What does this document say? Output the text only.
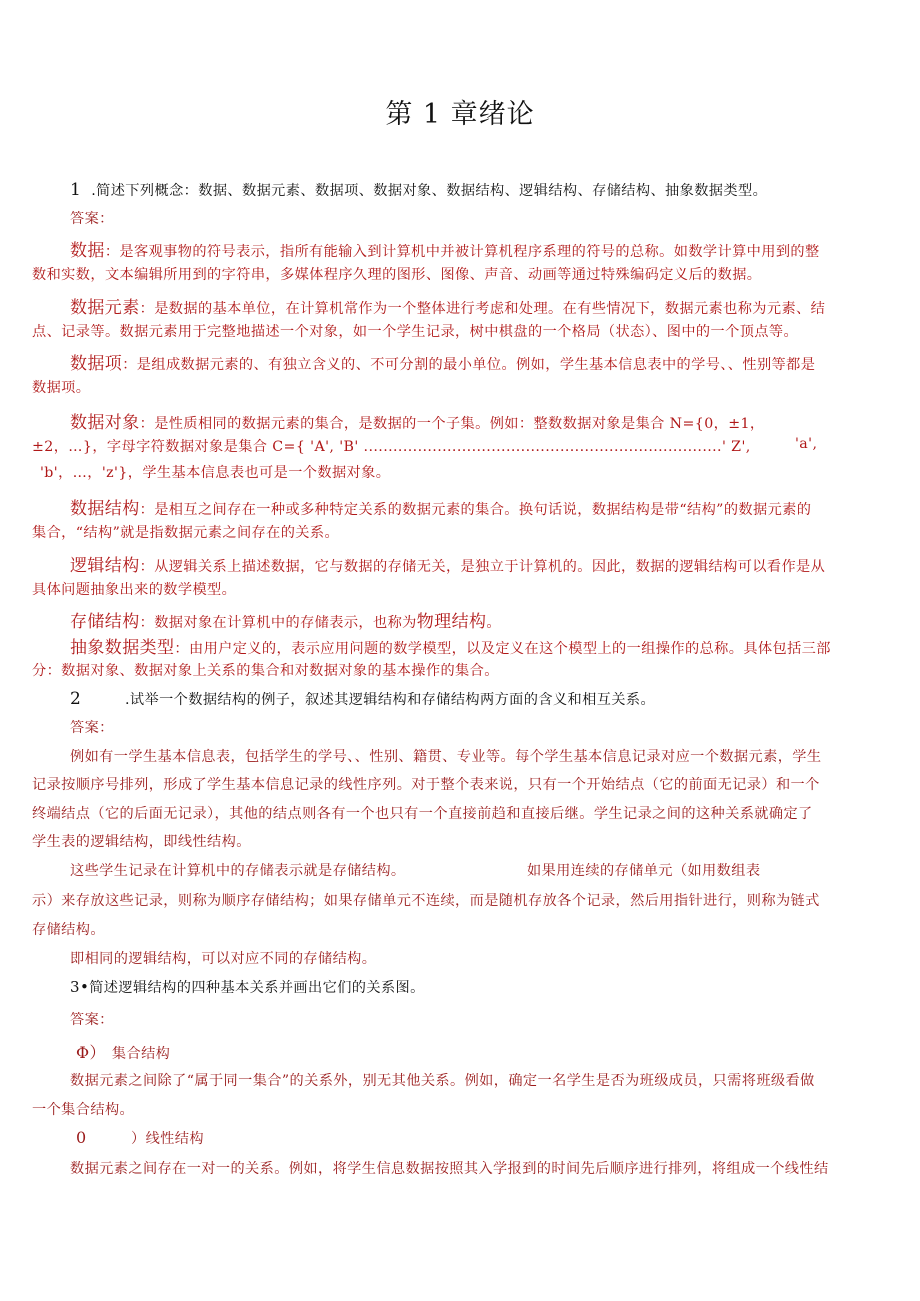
第 1 章绪论
1 .简述下列概念：数据、数据元素、数据项、数据对象、数据结构、逻辑结构、存储结构、抽象数据类型。
答案：
数据：是客观事物的符号表示，指所有能输入到计算机中并被计算机程序系理的符号的总称。如数学计算中用到的整
数和实数，文本编辑所用到的字符串，多媒体程序久理的图形、图像、声音、动画等通过特殊编码定义后的数据。
数据元素：是数据的基本单位，在计算机常作为一个整体进行考虑和处理。在有些情况下，数据元素也称为元素、结
点、记录等。数据元素用于完整地描述一个对象，如一个学生记录，树中棋盘的一个格局（状态）、图中的一个顶点等。
数据项：是组成数据元素的、有独立含义的、不可分割的最小单位。例如，学生基本信息表中的学号、、性别等都是
数据项。
数据对象：是性质相同的数据元素的集合，是数据的一个子集。例如：整数数据对象是集合 N={0，±1，
±2，…}，字母字符数据对象是集合 C={ 'A', 'B' .........................................................................' Z',	'a',
'b'，…，'z'}，学生基本信息表也可是一个数据对象。
数据结构：是相互之间存在一种或多种特定关系的数据元素的集合。换句话说，数据结构是带“结构”的数据元素的
集合，“结构”就是指数据元素之间存在的关系。
逻辑结构：从逻辑关系上描述数据，它与数据的存储无关，是独立于计算机的。因此，数据的逻辑结构可以看作是从
具体问题抽象出来的数学模型。
存储结构：数据对象在计算机中的存储表示，也称为物理结构。
抽象数据类型：由用户定义的，表示应用问题的数学模型，以及定义在这个模型上的一组操作的总称。具体包括三部
分：数据对象、数据对象上关系的集合和对数据对象的基本操作的集合。
2	.试举一个数据结构的例子，叙述其逻辑结构和存储结构两方面的含义和相互关系。
答案：
例如有一学生基本信息表，包括学生的学号、、性别、籍贯、专业等。每个学生基本信息记录对应一个数据元素，学生
记录按顺序号排列，形成了学生基本信息记录的线性序列。对于整个表来说，只有一个开始结点（它的前面无记录）和一个
终端结点（它的后面无记录），其他的结点则各有一个也只有一个直接前趋和直接后继。学生记录之间的这种关系就确定了
学生表的逻辑结构，即线性结构。
这些学生记录在计算机中的存储表示就是存储结构。	如果用连续的存储单元（如用数组表
示）来存放这些记录，则称为顺序存储结构；如果存储单元不连续，而是随机存放各个记录，然后用指针进行，则称为链式
存储结构。
即相同的逻辑结构，可以对应不同的存储结构。
3•简述逻辑结构的四种基本关系并画出它们的关系图。
答案：
Φ） 集合结构
数据元素之间除了“属于同一集合”的关系外，别无其他关系。例如，确定一名学生是否为班级成员，只需将班级看做
一个集合结构。
0	）线性结构
数据元素之间存在一对一的关系。例如，将学生信息数据按照其入学报到的时间先后顺序进行排列，将组成一个线性结
